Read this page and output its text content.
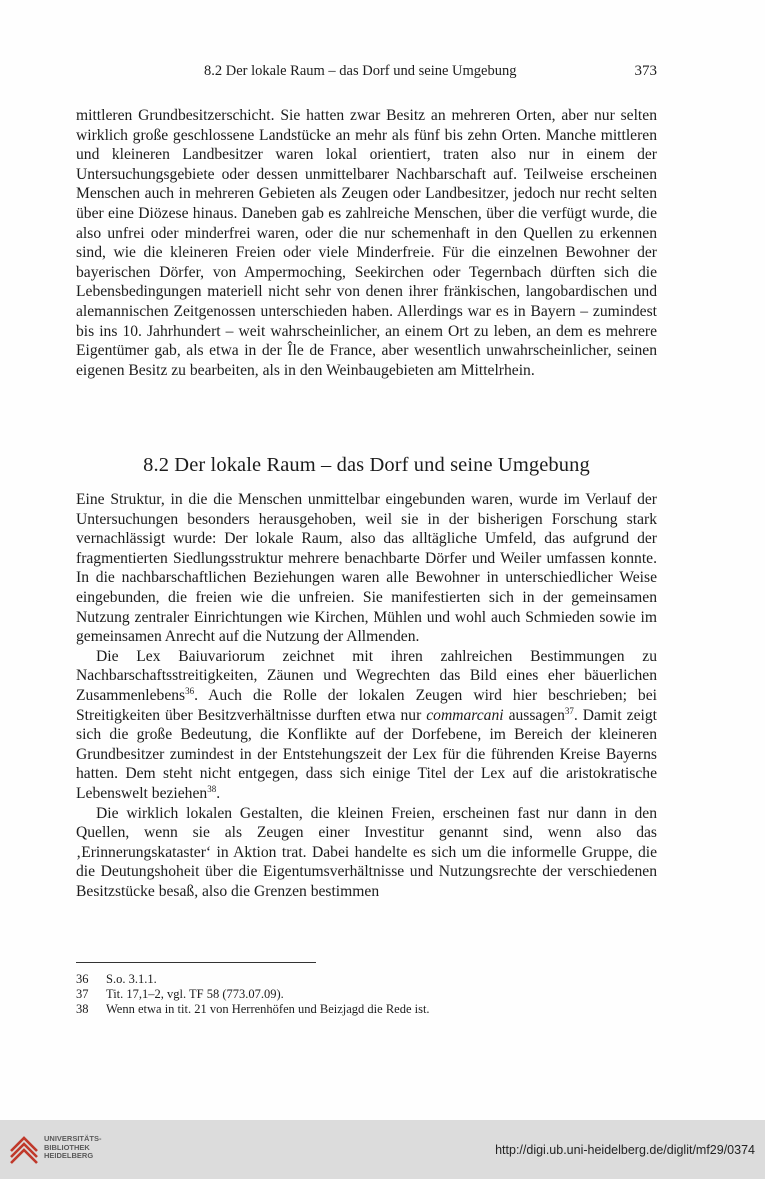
8.2 Der lokale Raum – das Dorf und seine Umgebung	373

mittleren Grundbesitzerschicht. Sie hatten zwar Besitz an mehreren Orten, aber nur selten wirklich große geschlossene Landstücke an mehr als fünf bis zehn Orten. Manche mittleren und kleineren Landbesitzer waren lokal orientiert, traten also nur in einem der Untersuchungsgebiete oder dessen unmittelbarer Nachbarschaft auf. Teilweise erscheinen Menschen auch in mehreren Gebieten als Zeugen oder Landbesitzer, jedoch nur recht selten über eine Diözese hinaus. Daneben gab es zahlreiche Menschen, über die verfügt wurde, die also unfrei oder minderfrei waren, oder die nur schemenhaft in den Quellen zu erkennen sind, wie die kleineren Freien oder viele Minderfreie. Für die einzelnen Bewohner der bayerischen Dörfer, von Ampermoching, Seekirchen oder Tegernbach dürften sich die Lebensbedingungen materiell nicht sehr von denen ihrer fränkischen, langobardischen und alemannischen Zeitgenossen unterschieden haben. Allerdings war es in Bayern – zumindest bis ins 10. Jahrhundert – weit wahrscheinlicher, an einem Ort zu leben, an dem es mehrere Eigentümer gab, als etwa in der Île de France, aber wesentlich unwahrscheinlicher, seinen eigenen Besitz zu bearbeiten, als in den Weinbaugebieten am Mittelrhein.

8.2 Der lokale Raum – das Dorf und seine Umgebung

Eine Struktur, in die die Menschen unmittelbar eingebunden waren, wurde im Verlauf der Untersuchungen besonders herausgehoben, weil sie in der bisherigen Forschung stark vernachlässigt wurde: Der lokale Raum, also das alltägliche Umfeld, das aufgrund der fragmentierten Siedlungsstruktur mehrere benachbarte Dörfer und Weiler umfassen konnte. In die nachbarschaftlichen Beziehungen waren alle Bewohner in unterschiedlicher Weise eingebunden, die freien wie die unfreien. Sie manifestierten sich in der gemeinsamen Nutzung zentraler Einrichtungen wie Kirchen, Mühlen und wohl auch Schmieden sowie im gemeinsamen Anrecht auf die Nutzung der Allmenden.

Die Lex Baiuvariorum zeichnet mit ihren zahlreichen Bestimmungen zu Nachbarschaftsstreitigkeiten, Zäunen und Wegrechten das Bild eines eher bäuerlichen Zusammenlebens$^{36}$. Auch die Rolle der lokalen Zeugen wird hier beschrieben; bei Streitigkeiten über Besitzverhältnisse durften etwa nur commarcani aussagen$^{37}$. Damit zeigt sich die große Bedeutung, die Konflikte auf der Dorfebene, im Bereich der kleineren Grundbesitzer zumindest in der Entstehungszeit der Lex für die führenden Kreise Bayerns hatten. Dem steht nicht entgegen, dass sich einige Titel der Lex auf die aristokratische Lebenswelt beziehen$^{38}$.

Die wirklich lokalen Gestalten, die kleinen Freien, erscheinen fast nur dann in den Quellen, wenn sie als Zeugen einer Investitur genannt sind, wenn also das ‚Erinnerungskataster‘ in Aktion trat. Dabei handelte es sich um die informelle Gruppe, die die Deutungshoheit über die Eigentumsverhältnisse und Nutzungsrechte der verschiedenen Besitzstücke besaß, also die Grenzen bestimmen

36	S.o. 3.1.1.
37	Tit. 17,1–2, vgl. TF 58 (773.07.09).
38	Wenn etwa in tit. 21 von Herrenhöfen und Beizjagd die Rede ist.
UNIVERSITÄTS-
BIBLIOTHEK
HEIDELBERG	http://digi.ub.uni-heidelberg.de/diglit/mf29/0374
